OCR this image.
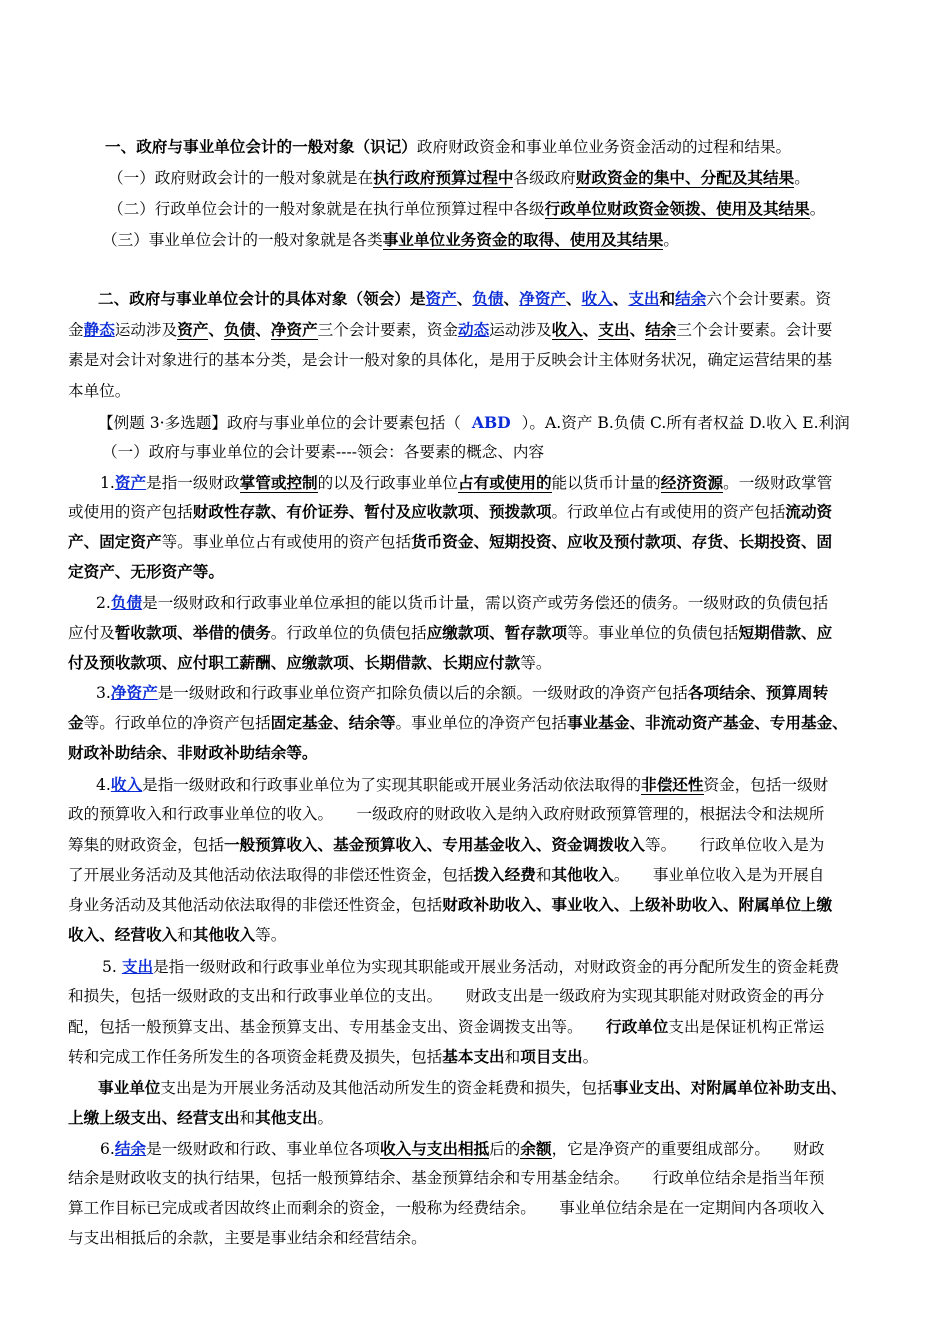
一、政府与事业单位会计的一般对象（识记）政府财政资金和事业单位业务资金活动的过程和结果。
（一）政府财政会计的一般对象就是在执行政府预算过程中各级政府财政资金的集中、分配及其结果。
（二）行政单位会计的一般对象就是在执行单位预算过程中各级行政单位财政资金领拨、使用及其结果。
（三）事业单位会计的一般对象就是各类事业单位业务资金的取得、使用及其结果。
二、政府与事业单位会计的具体对象（领会）是资产、负债、净资产、收入、支出和结余六个会计要素。资
金静态运动涉及资产、负债、净资产三个会计要素，资金动态运动涉及收入、支出、结余三个会计要素。会计要
素是对会计对象进行的基本分类，是会计一般对象的具体化，是用于反映会计主体财务状况，确定运营结果的基
本单位。
【例题 3·多选题】政府与事业单位的会计要素包括（ ABD ）。A.资产 B.负债 C.所有者权益 D.收入 E.利润
（一）政府与事业单位的会计要素----领会：各要素的概念、内容
1.资产是指一级财政掌管或控制的以及行政事业单位占有或使用的能以货币计量的经济资源。一级财政掌管
或使用的资产包括财政性存款、有价证券、暂付及应收款项、预拨款项。行政单位占有或使用的资产包括流动资
产、固定资产等。事业单位占有或使用的资产包括货币资金、短期投资、应收及预付款项、存货、长期投资、固
定资产、无形资产等。
2.负债是一级财政和行政事业单位承担的能以货币计量，需以资产或劳务偿还的债务。一级财政的负债包括
应付及暂收款项、举借的债务。行政单位的负债包括应缴款项、暂存款项等。事业单位的负债包括短期借款、应
付及预收款项、应付职工薪酬、应缴款项、长期借款、长期应付款等。
3.净资产是一级财政和行政事业单位资产扣除负债以后的余额。一级财政的净资产包括各项结余、预算周转
金等。行政单位的净资产包括固定基金、结余等。事业单位的净资产包括事业基金、非流动资产基金、专用基金、
财政补助结余、非财政补助结余等。
4.收入是指一级财政和行政事业单位为了实现其职能或开展业务活动依法取得的非偿还性资金，包括一级财
政的预算收入和行政事业单位的收入。　　一级政府的财政收入是纳入政府财政预算管理的，根据法令和法规所
筹集的财政资金，包括一般预算收入、基金预算收入、专用基金收入、资金调拨收入等。　　行政单位收入是为
了开展业务活动及其他活动依法取得的非偿还性资金，包括拨入经费和其他收入。　　事业单位收入是为开展自
身业务活动及其他活动依法取得的非偿还性资金，包括财政补助收入、事业收入、上级补助收入、附属单位上缴
收入、经营收入和其他收入等。
5. 支出是指一级财政和行政事业单位为实现其职能或开展业务活动，对财政资金的再分配所发生的资金耗费
和损失，包括一级财政的支出和行政事业单位的支出。　　财政支出是一级政府为实现其职能对财政资金的再分
配，包括一般预算支出、基金预算支出、专用基金支出、资金调拨支出等。　　行政单位支出是保证机构正常运
转和完成工作任务所发生的各项资金耗费及损失，包括基本支出和项目支出。
事业单位支出是为开展业务活动及其他活动所发生的资金耗费和损失，包括事业支出、对附属单位补助支出、
上缴上级支出、经营支出和其他支出。
6.结余是一级财政和行政、事业单位各项收入与支出相抵后的余额，它是净资产的重要组成部分。　　财政
结余是财政收支的执行结果，包括一般预算结余、基金预算结余和专用基金结余。　　行政单位结余是指当年预
算工作目标已完成或者因故终止而剩余的资金，一般称为经费结余。　　事业单位结余是在一定期间内各项收入
与支出相抵后的余款，主要是事业结余和经营结余。
